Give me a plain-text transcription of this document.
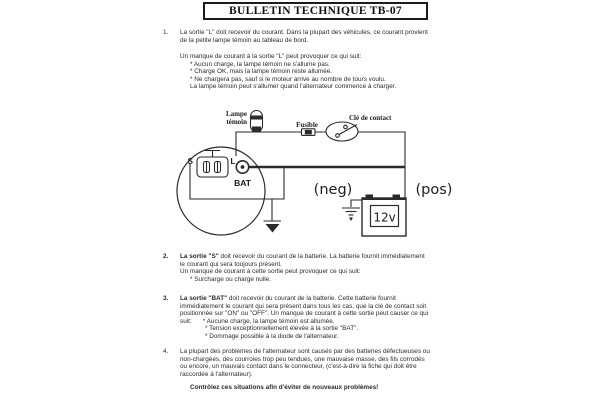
BULLETIN TECHNIQUE TB-07
1. La sortie "L" doit recevoir du courant. Dans la plupart des véhicules, ce courant provient
de la petite lampe témoin au tableau de bord.
Un manque de courant à la sortie "L" peut provoquer ce qui suit:
* Aucun charge, la lampe témoin ne s'allume pas.
* Charge OK, mais la lampe témoin reste allumée.
* Ne chargera pas, sauf si le moteur arrive au nombre de tours voulu.
La lampe témoin peut s'allumer quand l'alternateur commence à charger.
Lampe
témoin	Fusible
Clé de contact
S	L
BAT	(neg)	(pos)
12v
2. La sortie "S" doit recevoir du courant de la batterie. La batterie fournit immédiatement
le courant qui sera toujours présent.
Un manque de courant à cette sortie peut provoquer ce qui suit:
* Surcharge ou charge nulle.
3. La sortie "BAT" doit recevoir du courant de la batterie. Cette batterie fournit
immédiatement le courant qui sera présent dans tous les cas, que la clé de contact soit
positionnée sur "ON" ou "OFF". Un manque de courant à cette sortie peut causer ce qui
suit: * Aucune charge, la lampe témoin est allumée.
* Tension exceptionnellement élevée à la sortie "BAT".
* Dommage possible à la diode de l'alternateur.
4. La plupart des problèmes de l'alternateur sont causés par des batteries défectueuses ou
non-chargées, des courroies trop peu tendues, une mauvaise masse, des fils corrodés
ou encore, un mauvais contact dans le connecteur, (c'est-à-dire la fiche qui doit être
raccordée à l'alternateur).
Contrôlez ces situations afin d'éviter de nouveaux problèmes!
